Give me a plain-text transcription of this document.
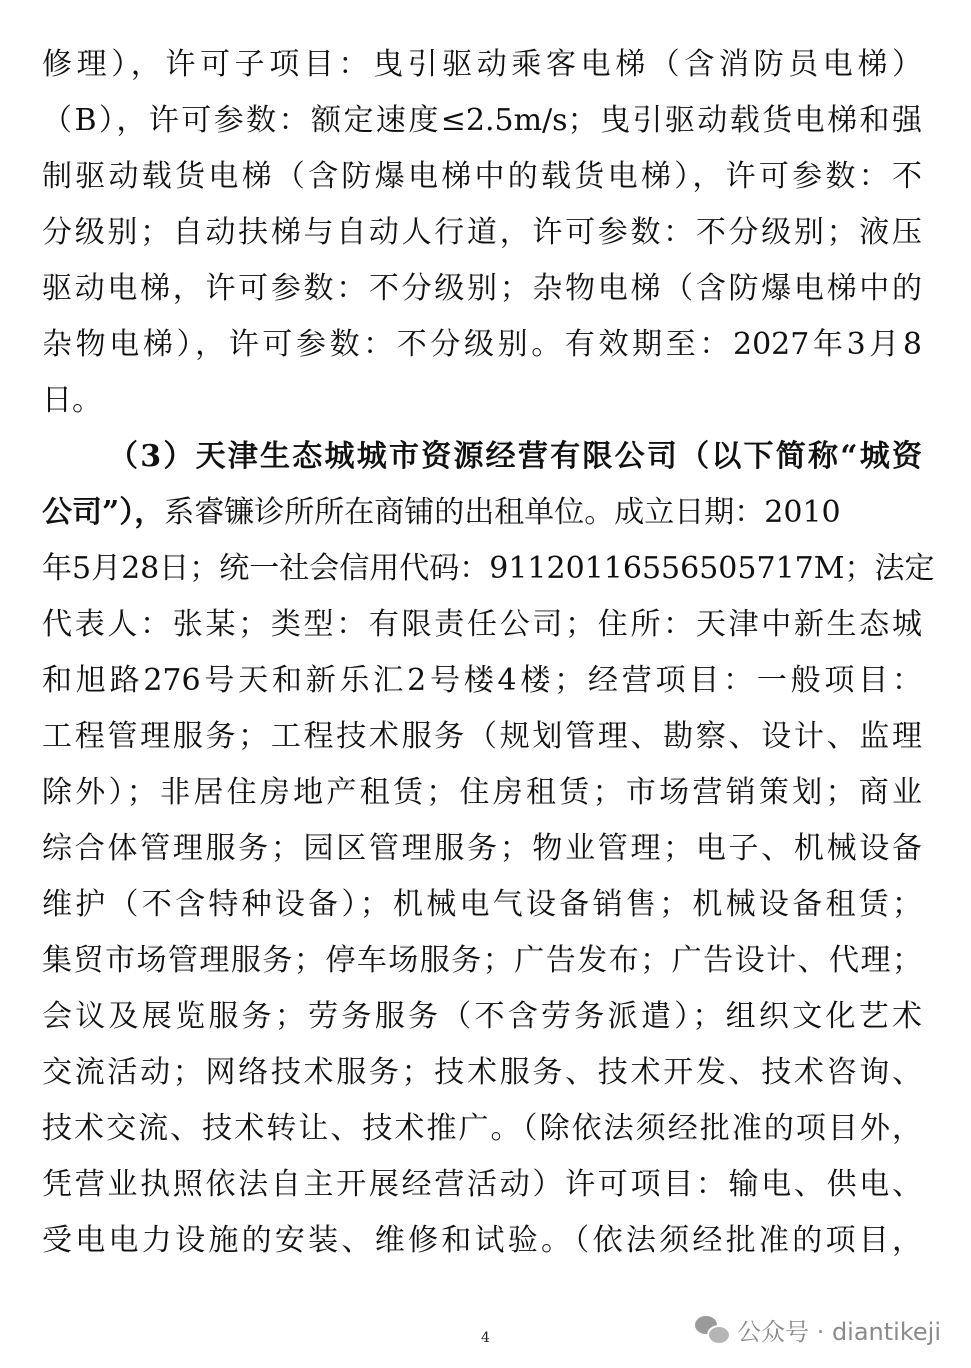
修理），许可子项目：曳引驱动乘客电梯（含消防员电梯）
（B），许可参数：额定速度≤2.5m/s；曳引驱动载货电梯和强
制驱动载货电梯（含防爆电梯中的载货电梯），许可参数：不
分级别；自动扶梯与自动人行道，许可参数：不分级别；液压
驱动电梯，许可参数：不分级别；杂物电梯（含防爆电梯中的
杂物电梯），许可参数：不分级别。有效期至：2027年3月8
日。
（3）天津生态城城市资源经营有限公司（以下简称“城资
公司”），系睿镰诊所所在商铺的出租单位。成立日期：2010
年5月28日；统一社会信用代码：91120116556505717M；法定
代表人：张某；类型：有限责任公司；住所：天津中新生态城
和旭路276号天和新乐汇2号楼4楼；经营项目：一般项目：
工程管理服务；工程技术服务（规划管理、勘察、设计、监理
除外）；非居住房地产租赁；住房租赁；市场营销策划；商业
综合体管理服务；园区管理服务；物业管理；电子、机械设备
维护（不含特种设备）；机械电气设备销售；机械设备租赁；
集贸市场管理服务；停车场服务；广告发布；广告设计、代理；
会议及展览服务；劳务服务（不含劳务派遣）；组织文化艺术
交流活动；网络技术服务；技术服务、技术开发、技术咨询、
技术交流、技术转让、技术推广。（除依法须经批准的项目外，
凭营业执照依法自主开展经营活动）许可项目：输电、供电、
受电电力设施的安装、维修和试验。（依法须经批准的项目，
4	公众号 · diantikeji
